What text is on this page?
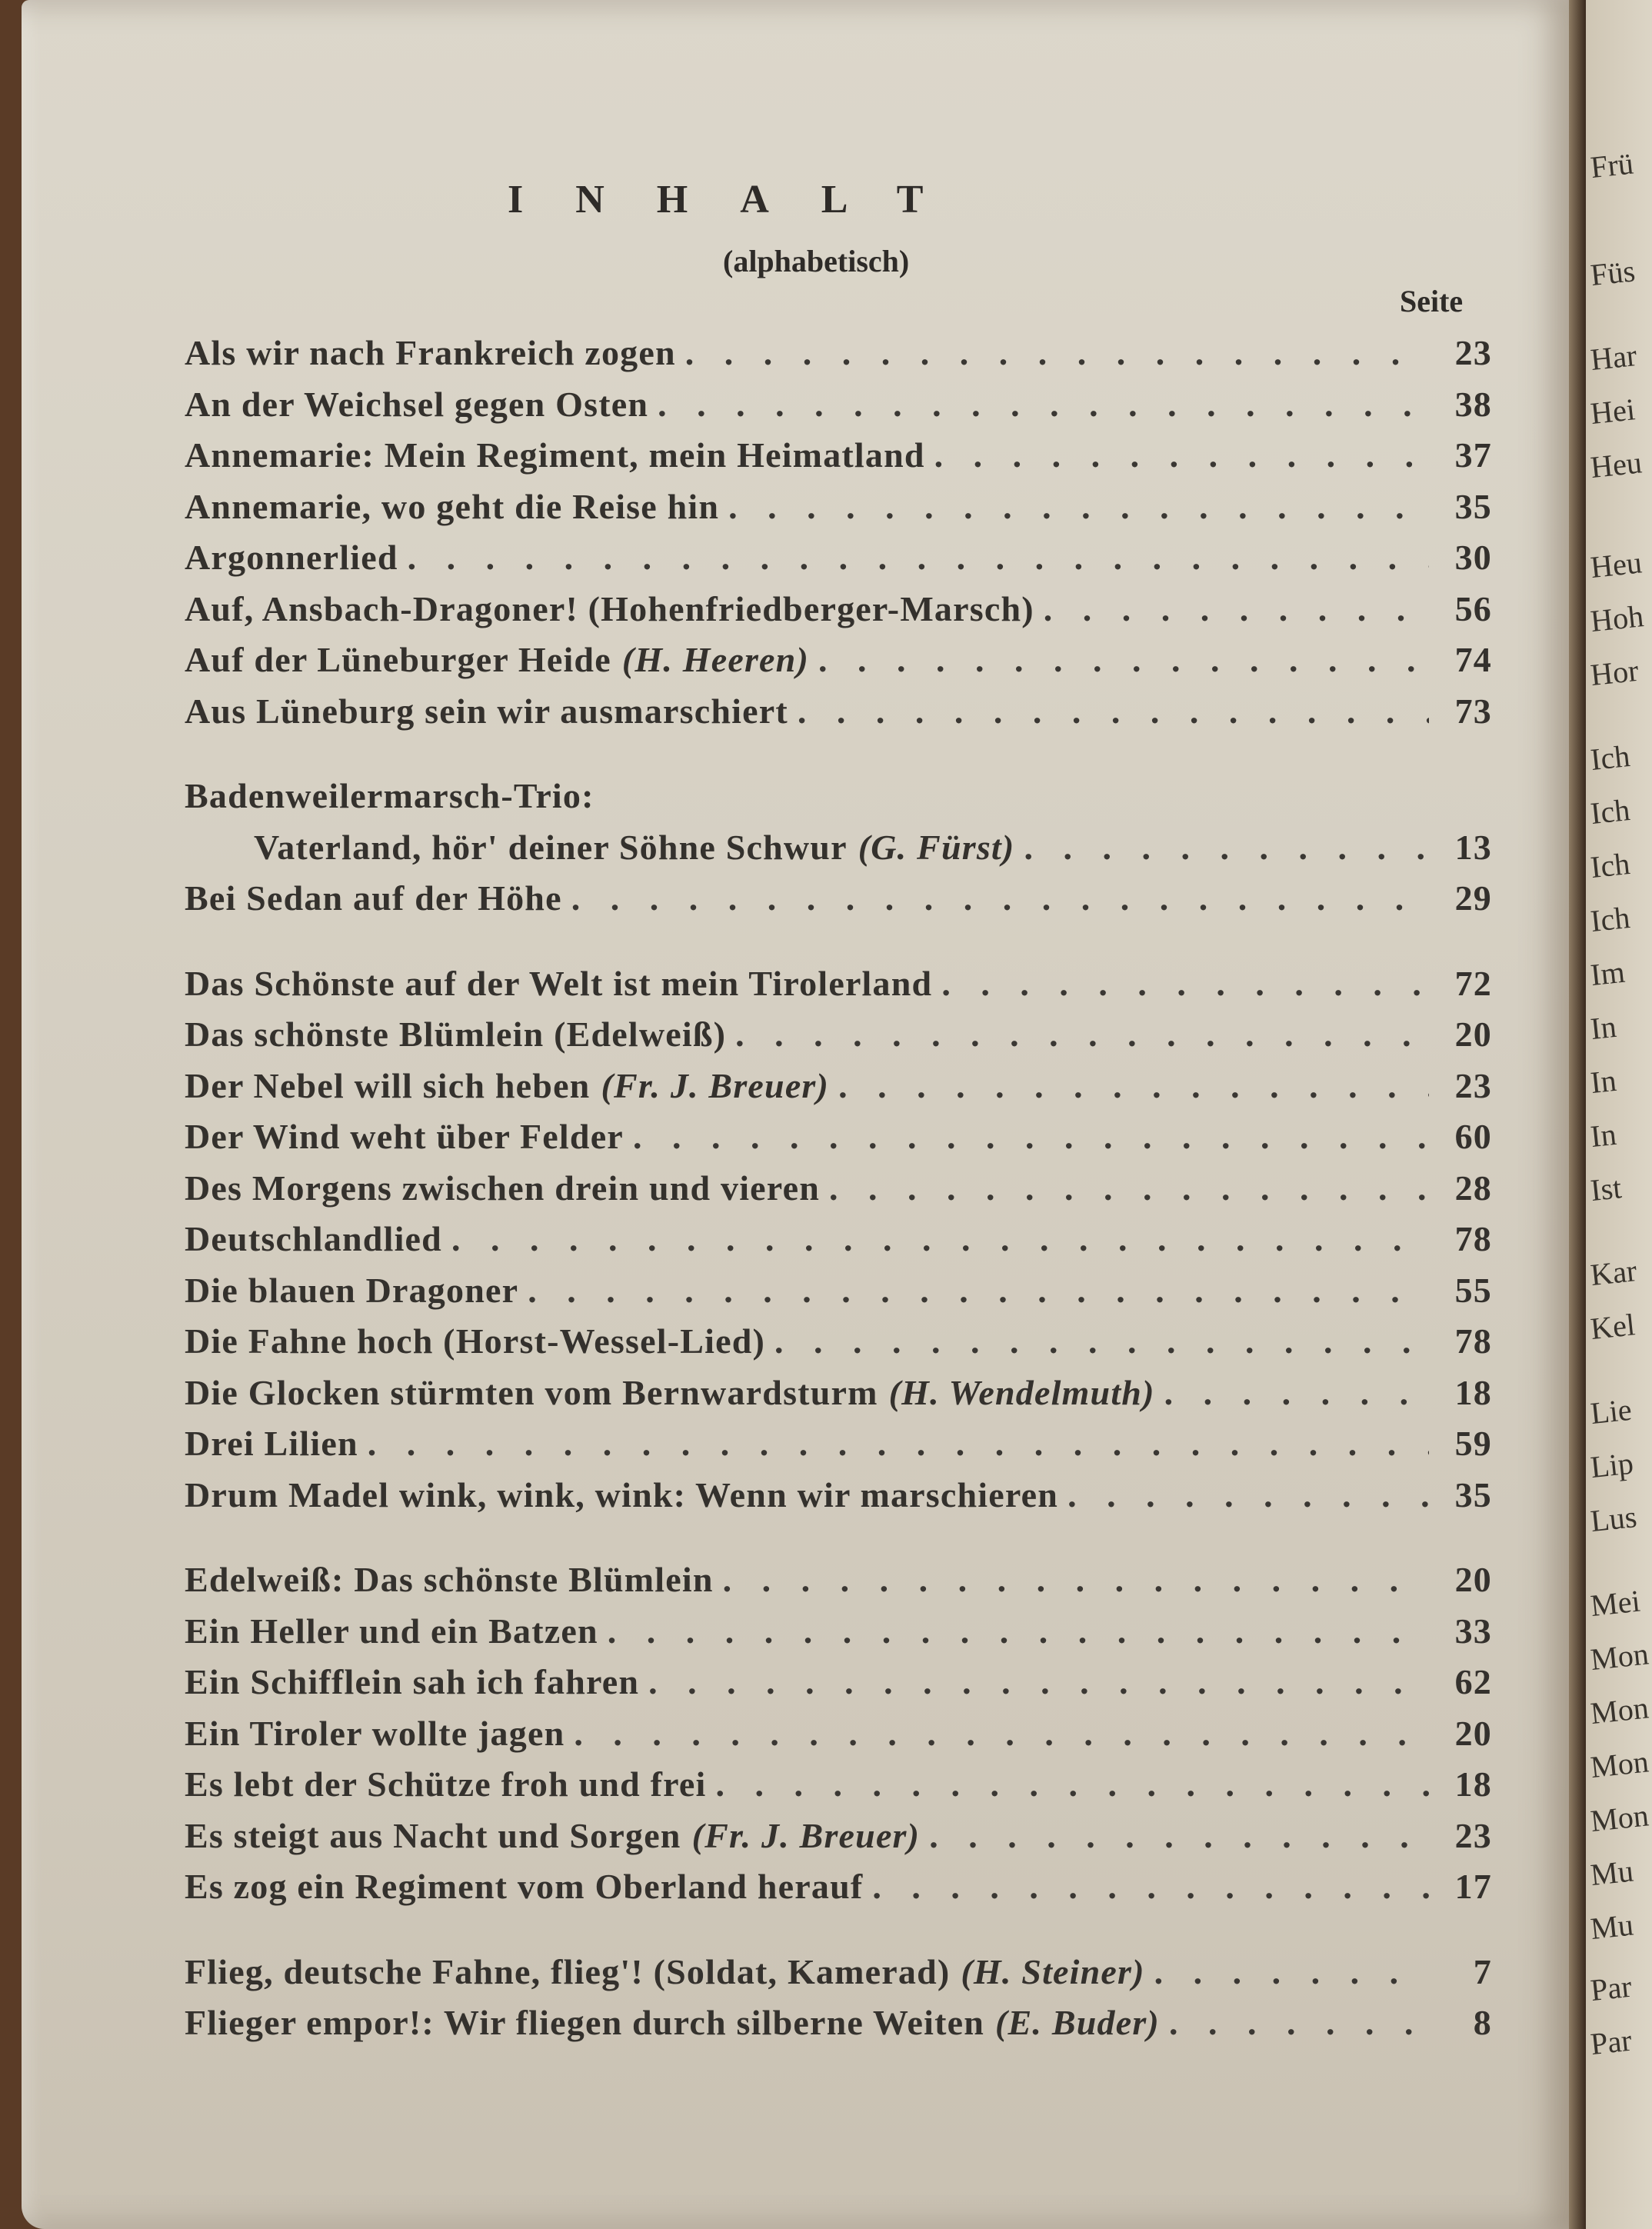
INHALT
(alphabetisch)
Seite
Als wir nach Frankreich zogen . . .	23
An der Weichsel gegen Osten . . .	38
Annemarie: Mein Regiment, mein Heimatland . . .	37
Annemarie, wo geht die Reise hin . . .	35
Argonnerlied . . .	30
Auf, Ansbach-Dragoner! (Hohenfriedberger-Marsch) . . .	56
Auf der Lüneburger Heide (H. Heeren) . . .	74
Aus Lüneburg sein wir ausmarschiert . . .	73
Badenweilermarsch-Trio:
Vaterland, hör' deiner Söhne Schwur (G. Fürst) . . .	13
Bei Sedan auf der Höhe . . .	29
Das Schönste auf der Welt ist mein Tirolerland . . .	72
Das schönste Blümlein (Edelweiß) . . .	20
Der Nebel will sich heben (Fr. J. Breuer) . . .	23
Der Wind weht über Felder . . .	60
Des Morgens zwischen drein und vieren . . .	28
Deutschlandlied . . .	78
Die blauen Dragoner . . .	55
Die Fahne hoch (Horst-Wessel-Lied) . . .	78
Die Glocken stürmten vom Bernwardsturm (H. Wendelmuth) . . .	18
Drei Lilien . . .	59
Drum Madel wink, wink, wink: Wenn wir marschieren . . .	35
Edelweiß: Das schönste Blümlein . . .	20
Ein Heller und ein Batzen . . .	33
Ein Schifflein sah ich fahren . . .	62
Ein Tiroler wollte jagen . . .	20
Es lebt der Schütze froh und frei . . .	18
Es steigt aus Nacht und Sorgen (Fr. J. Breuer) . . .	23
Es zog ein Regiment vom Oberland herauf . . .	17
Flieg, deutsche Fahne, flieg'! (Soldat, Kamerad) (H. Steiner) . . .	7
Flieger empor!: Wir fliegen durch silberne Weiten (E. Buder) . . .	8
Frü
Füs
Har
Hei
Heu
Heu
Hoh
Hor
Ich
Ich
Ich
Ich
Im
In
In
In
Ist
Kar
Kel
Lie
Lip
Lus
Mei
Mon
Mon
Mon
Mon
Mu
Mu
Par
Par
